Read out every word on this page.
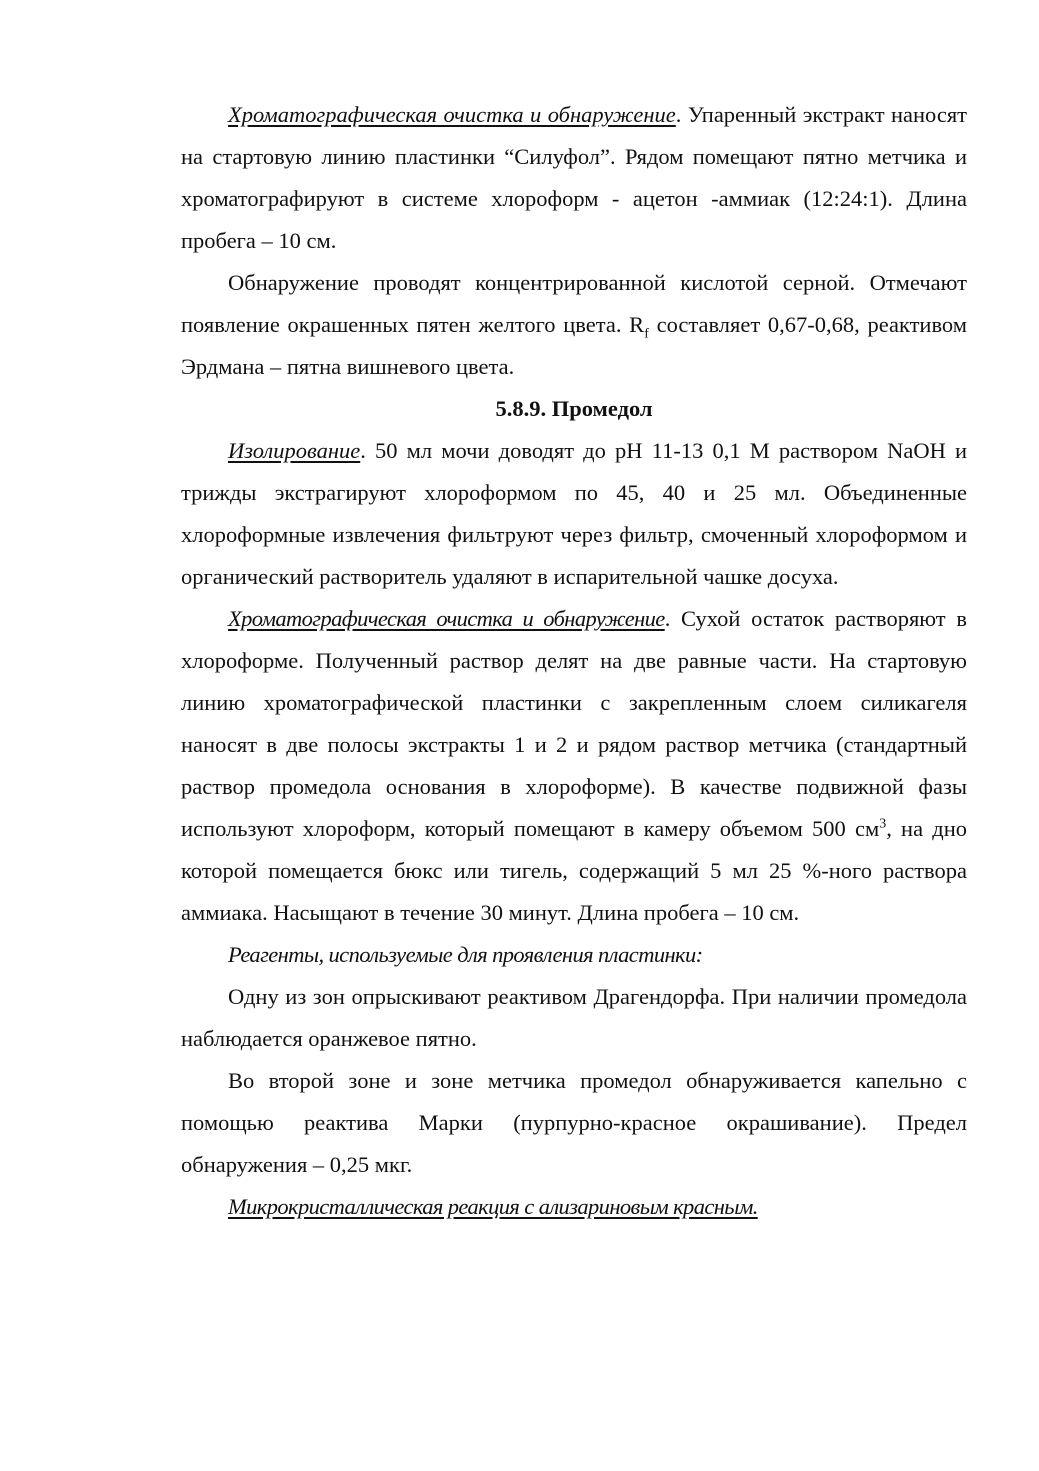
Хроматографическая очистка и обнаружение. Упаренный экстракт наносят на стартовую линию пластинки “Силуфол”. Рядом помещают пятно метчика и хроматографируют в системе хлороформ - ацетон -аммиак (12:24:1). Длина пробега – 10 см.

Обнаружение проводят концентрированной кислотой серной. Отмечают появление окрашенных пятен желтого цвета. $R_f$ составляет 0,67-0,68, реактивом Эрдмана – пятна вишневого цвета.

5.8.9. Промедол

Изолирование. 50 мл мочи доводят до рН 11-13 0,1 М раствором NaOH и трижды экстрагируют хлороформом по 45, 40 и 25 мл. Объединенные хлороформные извлечения фильтруют через фильтр, смоченный хлороформом и органический растворитель удаляют в испарительной чашке досуха.

Хроматографическая очистка и обнаружение. Сухой остаток растворяют в хлороформе. Полученный раствор делят на две равные части. На стартовую линию хроматографической пластинки с закрепленным слоем силикагеля наносят в две полосы экстракты 1 и 2 и рядом раствор метчика (стандартный раствор промедола основания в хлороформе). В качестве подвижной фазы используют хлороформ, который помещают в камеру объемом 500 $см^3$, на дно которой помещается бюкс или тигель, содержащий 5 мл 25 %-ного раствора аммиака. Насыщают в течение 30 минут. Длина пробега – 10 см.

Реагенты, используемые для проявления пластинки:

Одну из зон опрыскивают реактивом Драгендорфа. При наличии промедола наблюдается оранжевое пятно.

Во второй зоне и зоне метчика промедол обнаруживается капельно с помощью реактива Марки (пурпурно-красное окрашивание). Предел обнаружения – 0,25 мкг.

Микрокристаллическая реакция с ализариновым красным.
